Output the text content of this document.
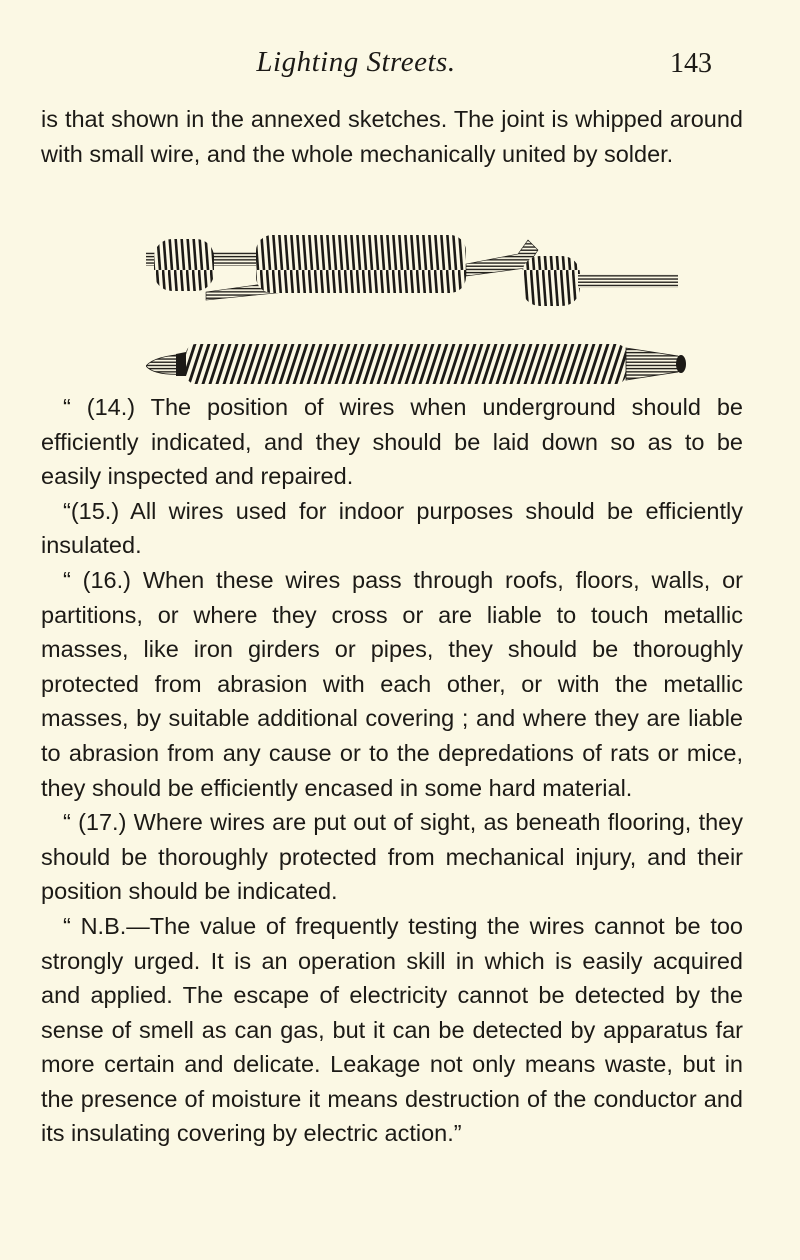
Lighting Streets.	143

is that shown in the annexed sketches. The joint is whipped around with small wire, and the whole mechanically united by solder.

“ (14.) The position of wires when underground should be efficiently indicated, and they should be laid down so as to be easily inspected and repaired.

“(15.) All wires used for indoor purposes should be efficiently insulated.

“ (16.) When these wires pass through roofs, floors, walls, or partitions, or where they cross or are liable to touch metallic masses, like iron girders or pipes, they should be thoroughly protected from abrasion with each other, or with the metallic masses, by suitable additional covering ; and where they are liable to abrasion from any cause or to the depredations of rats or mice, they should be efficiently encased in some hard material.

“ (17.) Where wires are put out of sight, as beneath flooring, they should be thoroughly protected from mechanical injury, and their position should be indicated.

“ N.B.—The value of frequently testing the wires cannot be too strongly urged. It is an operation skill in which is easily acquired and applied. The escape of electricity cannot be detected by the sense of smell as can gas, but it can be detected by apparatus far more certain and delicate. Leakage not only means waste, but in the presence of moisture it means destruction of the conductor and its insulating covering by electric action.”
